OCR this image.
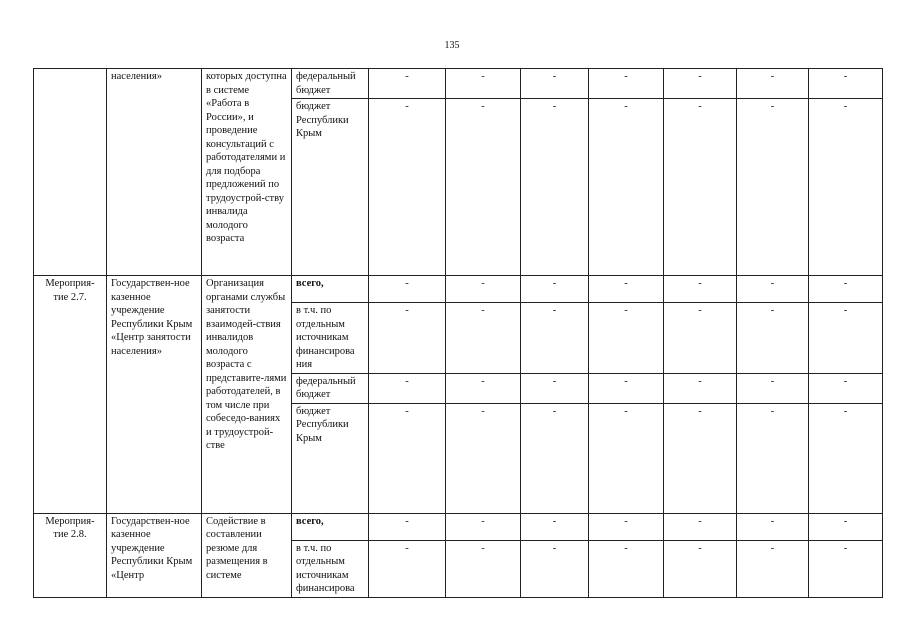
135
	населения»	которых доступна в системе «Работа в России», и проведение консультаций с работодателями и для подбора предложений по трудоустрой-ству инвалида молодого возраста	федеральный бюджет	-	-	-	-	-	-	-
			бюджет Республики Крым	-	-	-	-	-	-	-
Мероприя-тие 2.7.	Государствен-ное казенное учреждение Республики Крым «Центр занятости населения»	Организация органами службы занятости взаимодей-ствия инвалидов молодого возраста с представите-лями работодателей, в том числе при собеседо-ваниях и трудоустрой-стве	всего,	-	-	-	-	-	-	-
			в т.ч. по отдельным источникам финансирова ния	-	-	-	-	-	-	-
			федеральный бюджет	-	-	-	-	-	-	-
			бюджет Республики Крым	-	-	-	-	-	-	-
Мероприя-тие 2.8.	Государствен-ное казенное учреждение Республики Крым «Центр	Содействие в составлении резюме для размещения в системе	всего,	-	-	-	-	-	-	-
			в т.ч. по отдельным источникам финансирова	-	-	-	-	-	-	-
